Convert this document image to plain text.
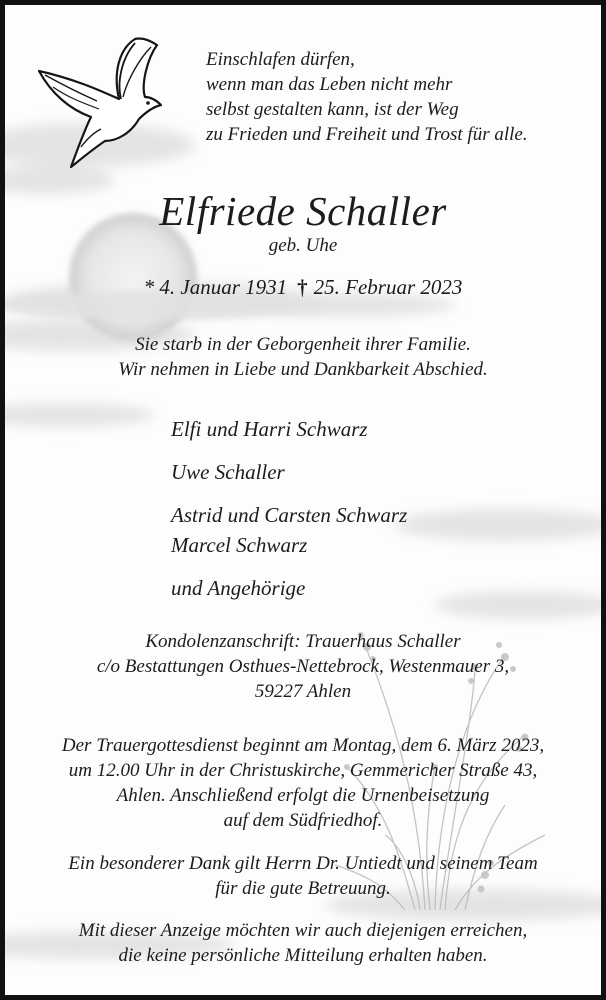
Einschlafen dürfen,
wenn man das Leben nicht mehr
selbst gestalten kann, ist der Weg
zu Frieden und Freiheit und Trost für alle.
Elfriede Schaller
geb. Uhe
* 4. Januar 1931 † 25. Februar 2023
Sie starb in der Geborgenheit ihrer Familie.
Wir nehmen in Liebe und Dankbarkeit Abschied.
Elfi und Harri Schwarz
Uwe Schaller
Astrid und Carsten Schwarz
Marcel Schwarz
und Angehörige
Kondolenzanschrift: Trauerhaus Schaller
c/o Bestattungen Osthues-Nettebrock, Westenmauer 3,
59227 Ahlen
Der Trauergottesdienst beginnt am Montag, dem 6. März 2023,
um 12.00 Uhr in der Christuskirche, Gemmericher Straße 43,
Ahlen. Anschließend erfolgt die Urnenbeisetzung
auf dem Südfriedhof.
Ein besonderer Dank gilt Herrn Dr. Untiedt und seinem Team
für die gute Betreuung.
Mit dieser Anzeige möchten wir auch diejenigen erreichen,
die keine persönliche Mitteilung erhalten haben.
